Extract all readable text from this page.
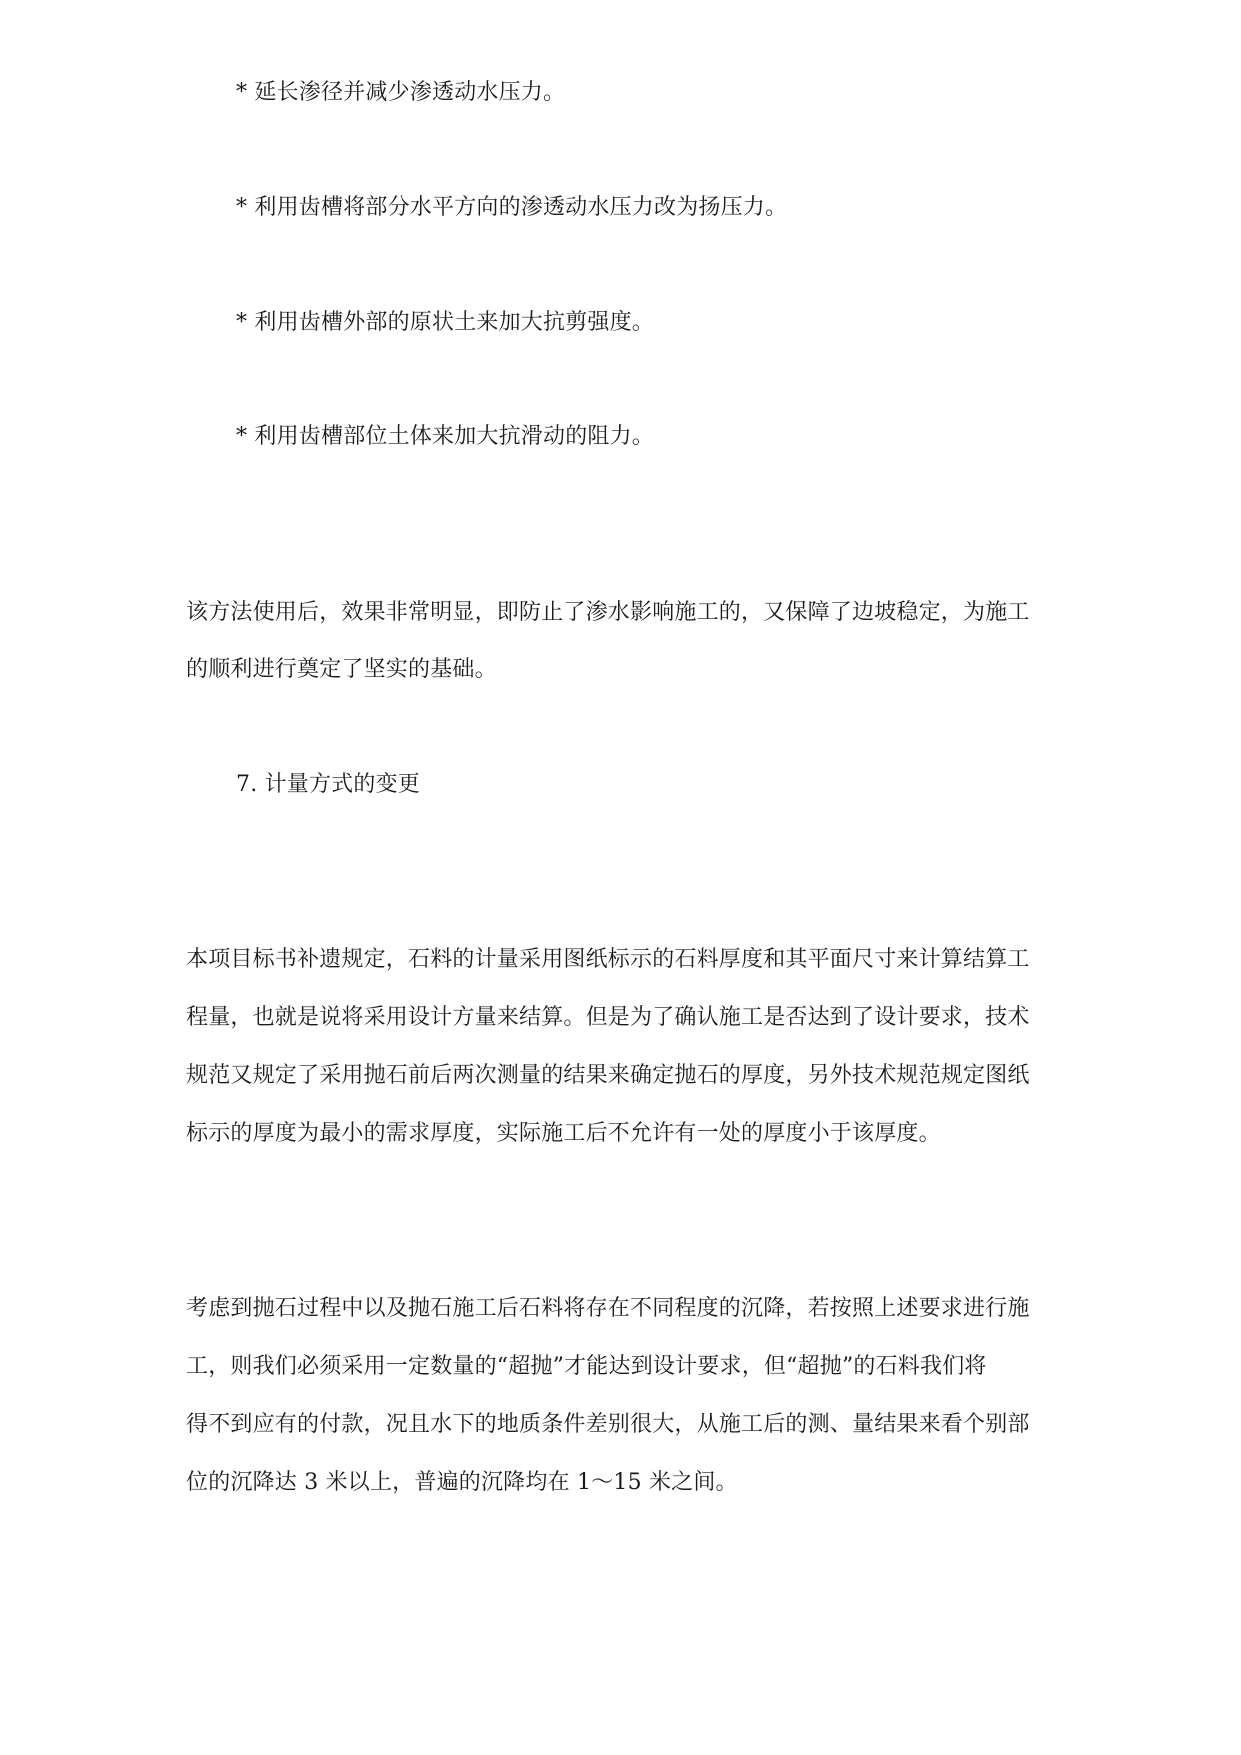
* 延长渗径并减少渗透动水压力。
* 利用齿槽将部分水平方向的渗透动水压力改为扬压力。
* 利用齿槽外部的原状土来加大抗剪强度。
* 利用齿槽部位土体来加大抗滑动的阻力。
该方法使用后，效果非常明显，即防止了渗水影响施工的，又保障了边坡稳定，为施工
的顺利进行奠定了坚实的基础。
7. 计量方式的变更
本项目标书补遗规定，石料的计量采用图纸标示的石料厚度和其平面尺寸来计算结算工
程量，也就是说将采用设计方量来结算。但是为了确认施工是否达到了设计要求，技术
规范又规定了采用抛石前后两次测量的结果来确定抛石的厚度，另外技术规范规定图纸
标示的厚度为最小的需求厚度，实际施工后不允许有一处的厚度小于该厚度。
考虑到抛石过程中以及抛石施工后石料将存在不同程度的沉降，若按照上述要求进行施
工，则我们必须采用一定数量的“超抛”才能达到设计要求，但“超抛”的石料我们将
得不到应有的付款，况且水下的地质条件差别很大，从施工后的测、量结果来看个别部
位的沉降达 3 米以上，普遍的沉降均在 1～15 米之间。
